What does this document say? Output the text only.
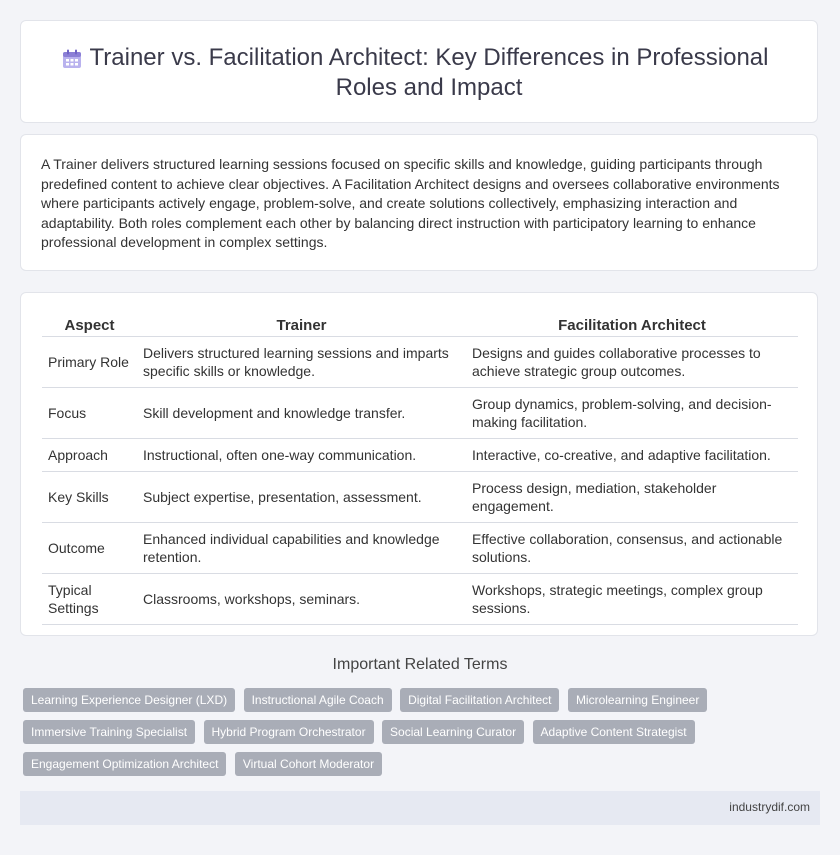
Trainer vs. Facilitation Architect: Key Differences in Professional Roles and Impact

A Trainer delivers structured learning sessions focused on specific skills and knowledge, guiding participants through predefined content to achieve clear objectives. A Facilitation Architect designs and oversees collaborative environments where participants actively engage, problem-solve, and create solutions collectively, emphasizing interaction and adaptability. Both roles complement each other by balancing direct instruction with participatory learning to enhance professional development in complex settings.

Aspect	Trainer	Facilitation Architect
Primary Role	Delivers structured learning sessions and imparts specific skills or knowledge.	Designs and guides collaborative processes to achieve strategic group outcomes.
Focus	Skill development and knowledge transfer.	Group dynamics, problem-solving, and decision-making facilitation.
Approach	Instructional, often one-way communication.	Interactive, co-creative, and adaptive facilitation.
Key Skills	Subject expertise, presentation, assessment.	Process design, mediation, stakeholder engagement.
Outcome	Enhanced individual capabilities and knowledge retention.	Effective collaboration, consensus, and actionable solutions.
Typical Settings	Classrooms, workshops, seminars.	Workshops, strategic meetings, complex group sessions.
Important Related Terms
Learning Experience Designer (LXD) Instructional Agile Coach Digital Facilitation Architect Microlearning Engineer Immersive Training Specialist Hybrid Program Orchestrator Social Learning Curator Adaptive Content Strategist Engagement Optimization Architect Virtual Cohort Moderator
industrydif.com
